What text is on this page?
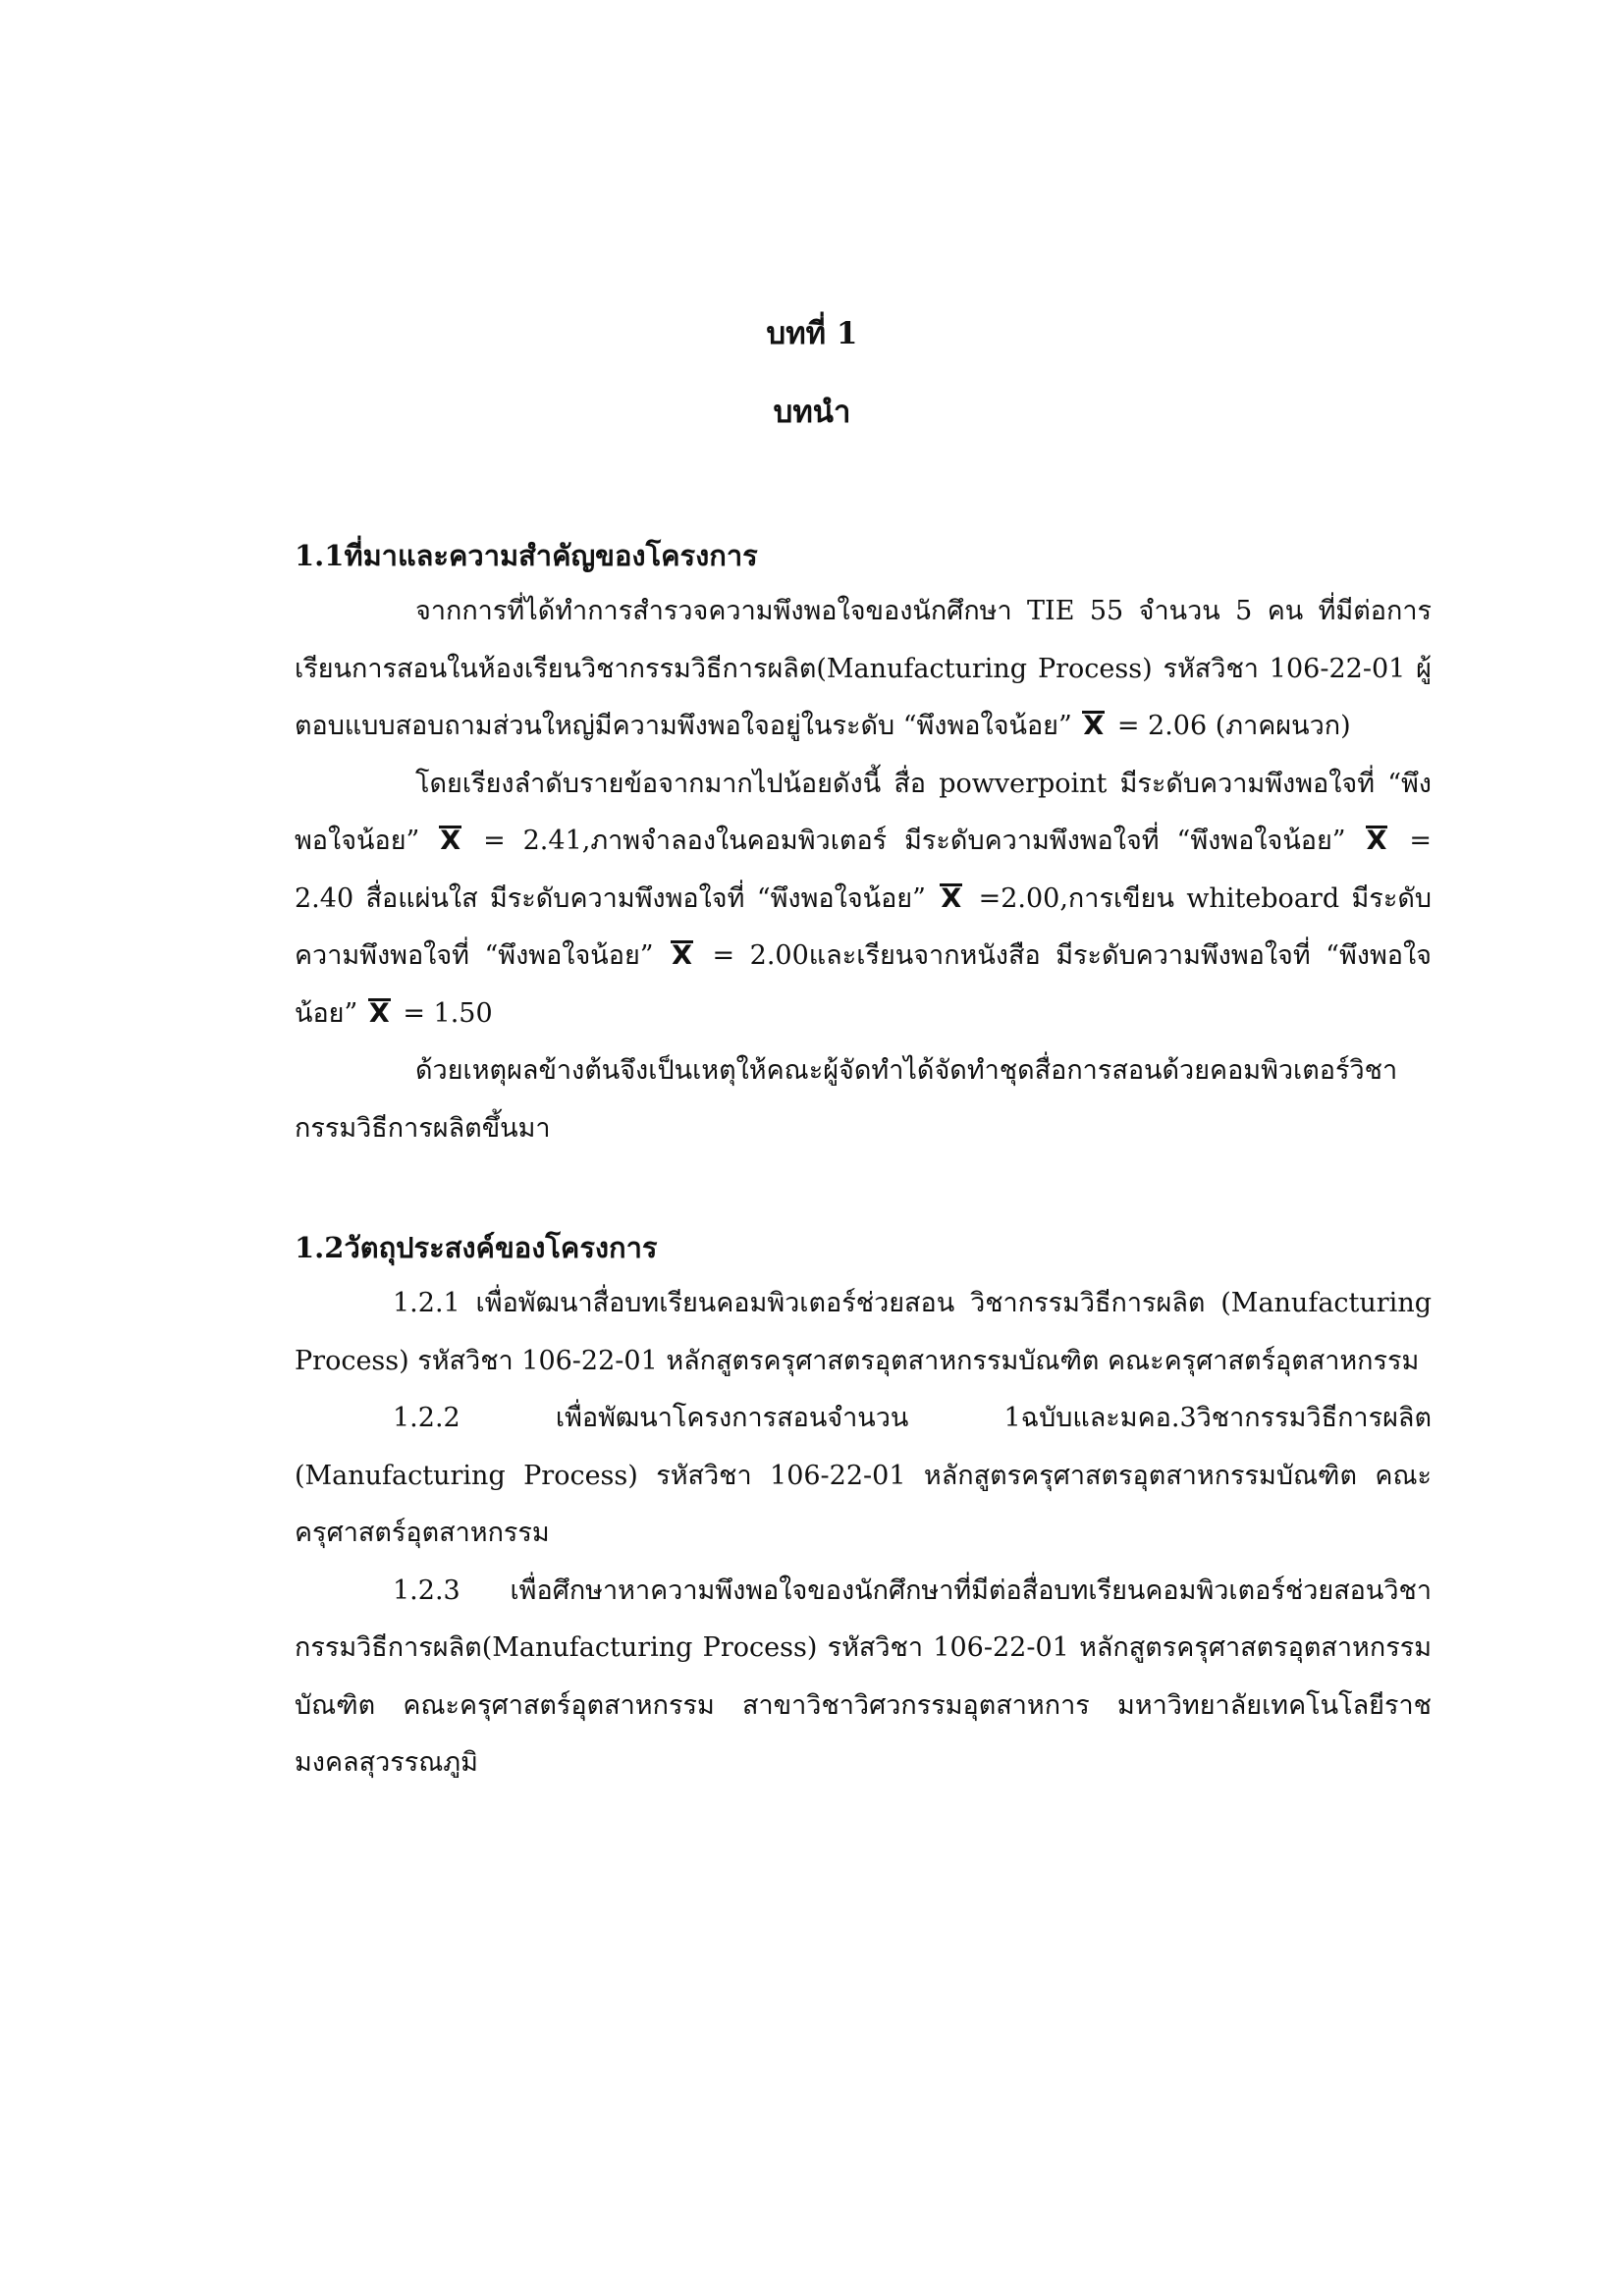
บทที่ 1
บทนำ

1.1ที่มาและความสำคัญของโครงการ

จากการที่ได้ทำการสำรวจความพึงพอใจของนักศึกษา TIE 55 จำนวน 5 คน ที่มีต่อการเรียนการสอนในห้องเรียนวิชากรรมวิธีการผลิต(Manufacturing Process) รหัสวิชา 106-22-01 ผู้ตอบแบบสอบถามส่วนใหญ่มีความพึงพอใจอยู่ในระดับ “พึงพอใจน้อย” X = 2.06 (ภาคผนวก)

โดยเรียงลำดับรายข้อจากมากไปน้อยดังนี้ สื่อ powverpoint มีระดับความพึงพอใจที่ “พึงพอใจน้อย” X = 2.41,ภาพจำลองในคอมพิวเตอร์ มีระดับความพึงพอใจที่ “พึงพอใจน้อย” X = 2.40 สื่อแผ่นใส มีระดับความพึงพอใจที่ “พึงพอใจน้อย” X =2.00,การเขียน whiteboard มีระดับความพึงพอใจที่ “พึงพอใจน้อย” X = 2.00และเรียนจากหนังสือ มีระดับความพึงพอใจที่ “พึงพอใจน้อย” X = 1.50

ด้วยเหตุผลข้างต้นจึงเป็นเหตุให้คณะผู้จัดทำได้จัดทำชุดสื่อการสอนด้วยคอมพิวเตอร์วิชากรรมวิธีการผลิตขึ้นมา

1.2วัตถุประสงค์ของโครงการ

1.2.1 เพื่อพัฒนาสื่อบทเรียนคอมพิวเตอร์ช่วยสอน วิชากรรมวิธีการผลิต (Manufacturing Process) รหัสวิชา 106-22-01 หลักสูตรครุศาสตรอุตสาหกรรมบัณฑิต คณะครุศาสตร์อุตสาหกรรม

1.2.2 เพื่อพัฒนาโครงการสอนจำนวน 1ฉบับและมคอ.3วิชากรรมวิธีการผลิต (Manufacturing Process) รหัสวิชา 106-22-01 หลักสูตรครุศาสตรอุตสาหกรรมบัณฑิต คณะครุศาสตร์อุตสาหกรรม

1.2.3 เพื่อศึกษาหาความพึงพอใจของนักศึกษาที่มีต่อสื่อบทเรียนคอมพิวเตอร์ช่วยสอนวิชากรรมวิธีการผลิต(Manufacturing Process) รหัสวิชา 106-22-01 หลักสูตรครุศาสตรอุตสาหกรรมบัณฑิต คณะครุศาสตร์อุตสาหกรรม สาขาวิชาวิศวกรรมอุตสาหการ มหาวิทยาลัยเทคโนโลยีราชมงคลสุวรรณภูมิ
